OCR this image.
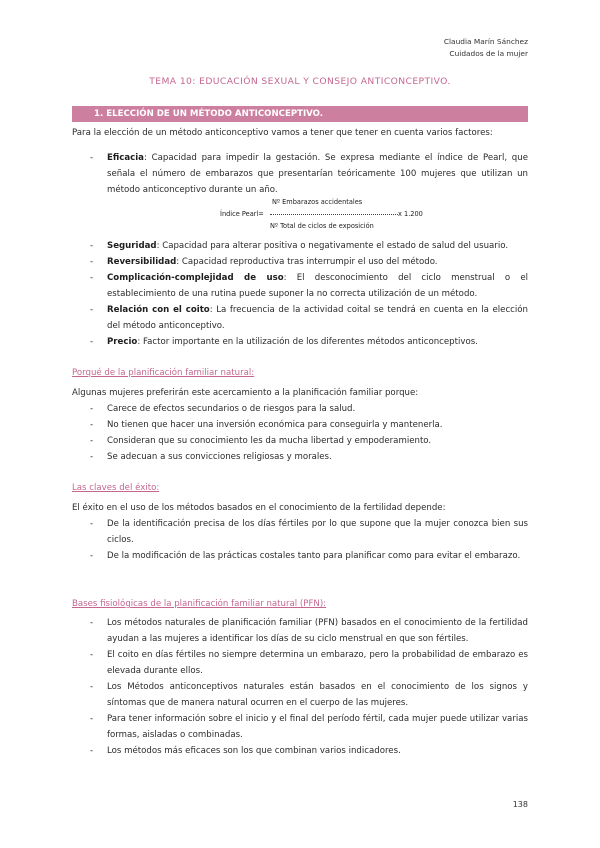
Claudia Marín Sánchez
Cuidados de la mujer
TEMA 10: EDUCACIÓN SEXUAL Y CONSEJO ANTICONCEPTIVO.
1. ELECCIÓN DE UN MÉTODO ANTICONCEPTIVO.
Para la elección de un método anticonceptivo vamos a tener que tener en cuenta varios factores:
- Eficacia: Capacidad para impedir la gestación. Se expresa mediante el índice de Pearl, que señala el número de embarazos que presentarían teóricamente 100 mujeres que utilizan un método anticonceptivo durante un año.
Nº Embarazos accidentales
Índice Pearl=	x 1.200
Nº Total de ciclos de exposición
- Seguridad: Capacidad para alterar positiva o negativamente el estado de salud del usuario.
- Reversibilidad: Capacidad reproductiva tras interrumpir el uso del método.
- Complicación-complejidad de uso: El desconocimiento del ciclo menstrual o el establecimiento de una rutina puede suponer la no correcta utilización de un método.
- Relación con el coito: La frecuencia de la actividad coital se tendrá en cuenta en la elección del método anticonceptivo.
- Precio: Factor importante en la utilización de los diferentes métodos anticonceptivos.
Porqué de la planificación familiar natural:
Algunas mujeres preferirán este acercamiento a la planificación familiar porque:
- Carece de efectos secundarios o de riesgos para la salud.
- No tienen que hacer una inversión económica para conseguirla y mantenerla.
- Consideran que su conocimiento les da mucha libertad y empoderamiento.
- Se adecuan a sus convicciones religiosas y morales.
Las claves del éxito:
El éxito en el uso de los métodos basados en el conocimiento de la fertilidad depende:
- De la identificación precisa de los días fértiles por lo que supone que la mujer conozca bien sus ciclos.
- De la modificación de las prácticas costales tanto para planificar como para evitar el embarazo.
Bases fisiológicas de la planificación familiar natural (PFN):
- Los métodos naturales de planificación familiar (PFN) basados en el conocimiento de la fertilidad ayudan a las mujeres a identificar los días de su ciclo menstrual en que son fértiles.
- El coito en días fértiles no siempre determina un embarazo, pero la probabilidad de embarazo es elevada durante ellos.
- Los Métodos anticonceptivos naturales están basados en el conocimiento de los signos y síntomas que de manera natural ocurren en el cuerpo de las mujeres.
- Para tener información sobre el inicio y el final del período fértil, cada mujer puede utilizar varias formas, aisladas o combinadas.
- Los métodos más eficaces son los que combinan varios indicadores.
138
